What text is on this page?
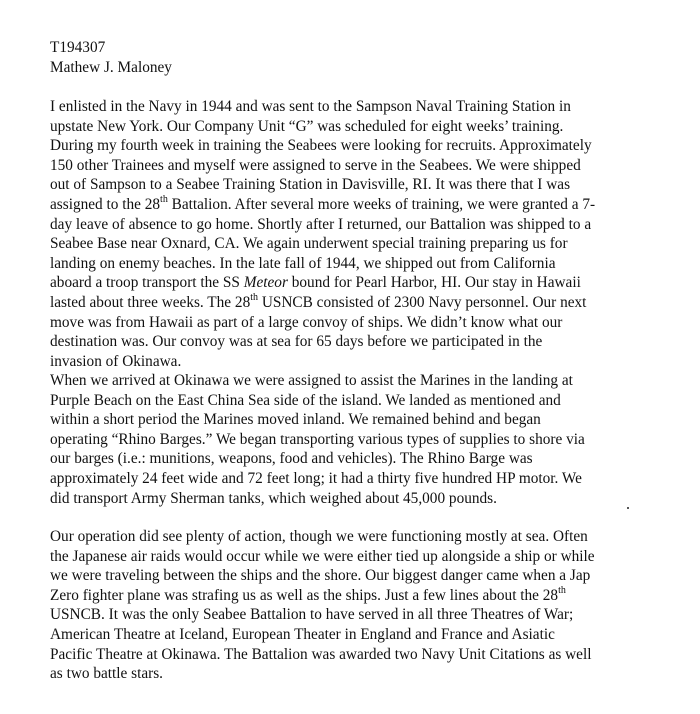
T194307
Mathew J. Maloney
I enlisted in the Navy in 1944 and was sent to the Sampson Naval Training Station in
upstate New York. Our Company Unit “G” was scheduled for eight weeks’ training.
During my fourth week in training the Seabees were looking for recruits. Approximately
150 other Trainees and myself were assigned to serve in the Seabees. We were shipped
out of Sampson to a Seabee Training Station in Davisville, RI. It was there that I was
assigned to the 28th Battalion. After several more weeks of training, we were granted a 7-
day leave of absence to go home. Shortly after I returned, our Battalion was shipped to a
Seabee Base near Oxnard, CA. We again underwent special training preparing us for
landing on enemy beaches. In the late fall of 1944, we shipped out from California
aboard a troop transport the SS Meteor bound for Pearl Harbor, HI. Our stay in Hawaii
lasted about three weeks. The 28th USNCB consisted of 2300 Navy personnel. Our next
move was from Hawaii as part of a large convoy of ships. We didn’t know what our
destination was. Our convoy was at sea for 65 days before we participated in the
invasion of Okinawa.
When we arrived at Okinawa we were assigned to assist the Marines in the landing at
Purple Beach on the East China Sea side of the island. We landed as mentioned and
within a short period the Marines moved inland. We remained behind and began
operating “Rhino Barges.” We began transporting various types of supplies to shore via
our barges (i.e.: munitions, weapons, food and vehicles). The Rhino Barge was
approximately 24 feet wide and 72 feet long; it had a thirty five hundred HP motor. We
did transport Army Sherman tanks, which weighed about 45,000 pounds.
Our operation did see plenty of action, though we were functioning mostly at sea. Often
the Japanese air raids would occur while we were either tied up alongside a ship or while
we were traveling between the ships and the shore. Our biggest danger came when a Jap
Zero fighter plane was strafing us as well as the ships. Just a few lines about the 28th
USNCB. It was the only Seabee Battalion to have served in all three Theatres of War;
American Theatre at Iceland, European Theater in England and France and Asiatic
Pacific Theatre at Okinawa. The Battalion was awarded two Navy Unit Citations as well
as two battle stars.
